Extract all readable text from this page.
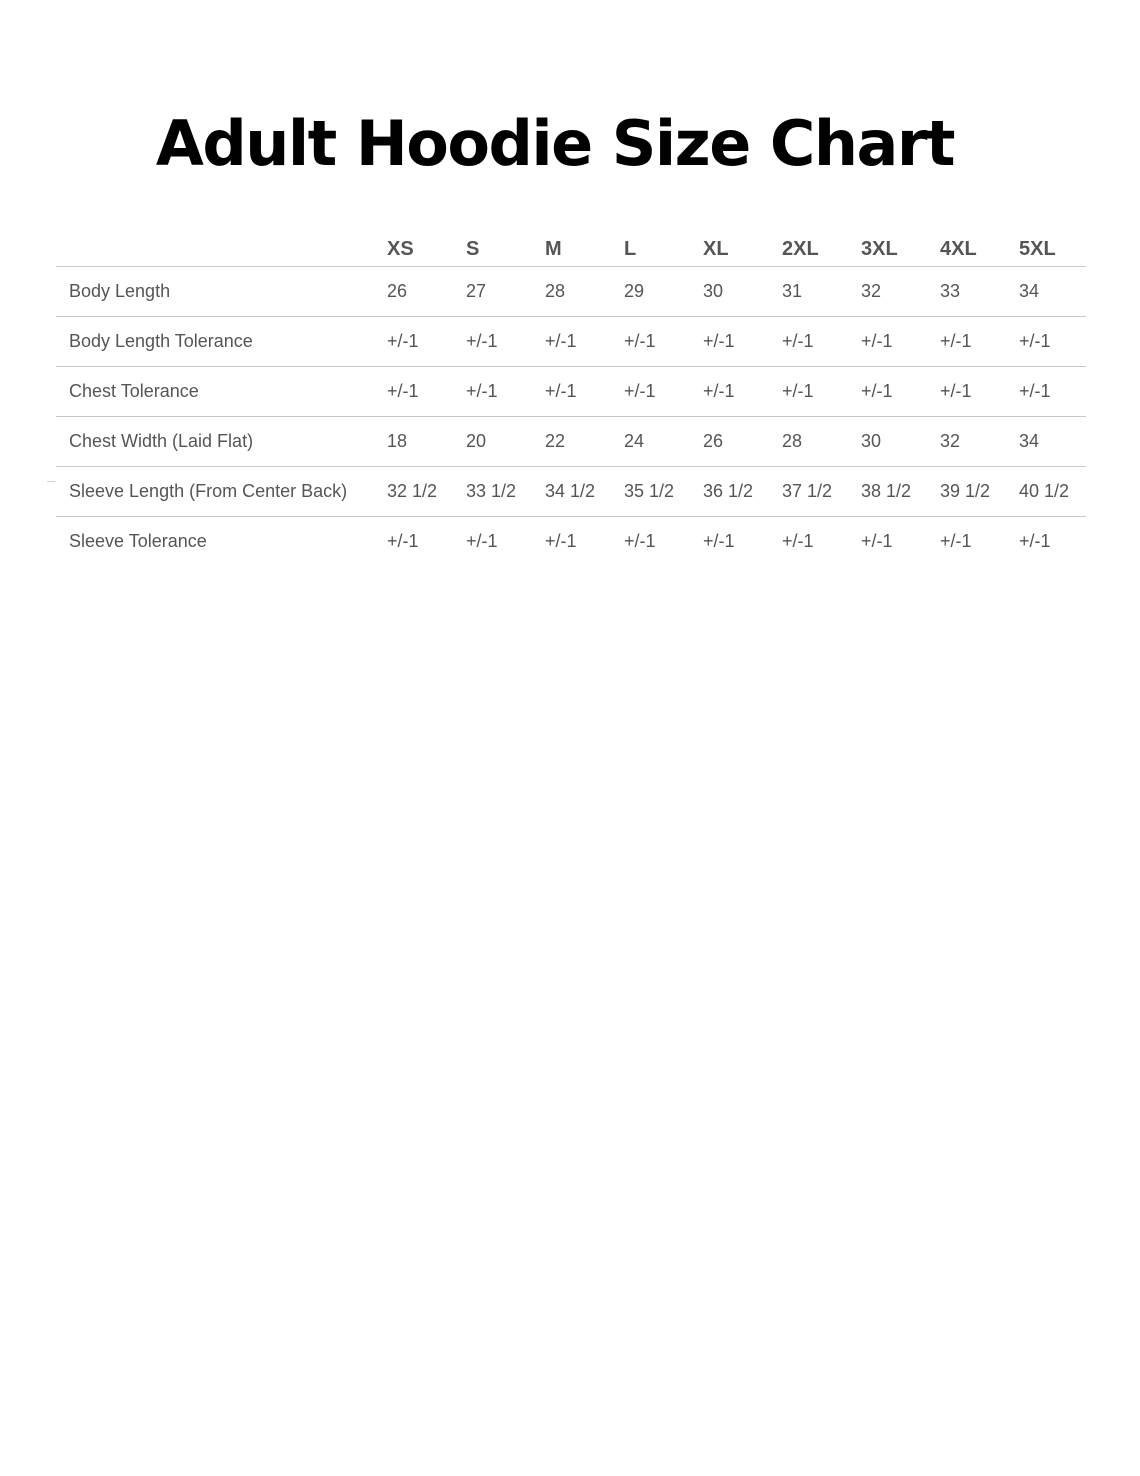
Adult Hoodie Size Chart
	XS	S	M	L	XL	2XL	3XL	4XL	5XL
Body Length	26	27	28	29	30	31	32	33	34
Body Length Tolerance	+/-1	+/-1	+/-1	+/-1	+/-1	+/-1	+/-1	+/-1	+/-1
Chest Tolerance	+/-1	+/-1	+/-1	+/-1	+/-1	+/-1	+/-1	+/-1	+/-1
Chest Width (Laid Flat)	18	20	22	24	26	28	30	32	34
Sleeve Length (From Center Back)	32 1/2	33 1/2	34 1/2	35 1/2	36 1/2	37 1/2	38 1/2	39 1/2	40 1/2
Sleeve Tolerance	+/-1	+/-1	+/-1	+/-1	+/-1	+/-1	+/-1	+/-1	+/-1
